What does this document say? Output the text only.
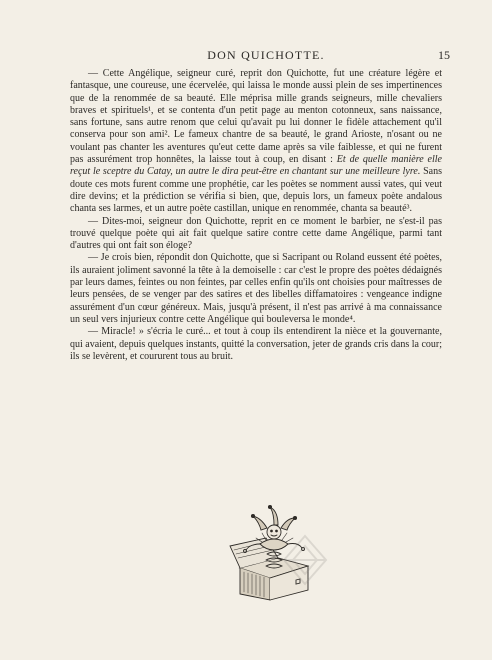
DON QUICHOTTE.	15

— Cette Angélique, seigneur curé, reprit don Quichotte, fut une créature légère et fantasque, une coureuse, une écervelée, qui laissa le monde aussi plein de ses impertinences que de la renommée de sa beauté. Elle méprisa mille grands seigneurs, mille chevaliers braves et spirituels¹, et se contenta d'un petit page au menton cotonneux, sans naissance, sans fortune, sans autre renom que celui qu'avait pu lui donner le fidèle attachement qu'il conserva pour son ami². Le fameux chantre de sa beauté, le grand Arioste, n'osant ou ne voulant pas chanter les aventures qu'eut cette dame après sa vile faiblesse, et qui ne furent pas assurément trop honnêtes, la laisse tout à coup, en disant : Et de quelle manière elle reçut le sceptre du Catay, un autre le dira peut-être en chantant sur une meilleure lyre. Sans doute ces mots furent comme une prophétie, car les poètes se nomment aussi vates, qui veut dire devins; et la prédiction se vérifia si bien, que, depuis lors, un fameux poète andalous chanta ses larmes, et un autre poète castillan, unique en renommée, chanta sa beauté³.

— Dites-moi, seigneur don Quichotte, reprit en ce moment le barbier, ne s'est-il pas trouvé quelque poète qui ait fait quelque satire contre cette dame Angélique, parmi tant d'autres qui ont fait son éloge?

— Je crois bien, répondit don Quichotte, que si Sacripant ou Roland eussent été poètes, ils auraient joliment savonné la tête à la demoiselle : car c'est le propre des poètes dédaignés par leurs dames, feintes ou non feintes, par celles enfin qu'ils ont choisies pour maîtresses de leurs pensées, de se venger par des satires et des libelles diffamatoires : vengeance indigne assurément d'un cœur généreux. Mais, jusqu'à présent, il n'est pas arrivé à ma connaissance un seul vers injurieux contre cette Angélique qui bouleversa le monde⁴.

— Miracle! » s'écria le curé... et tout à coup ils entendirent la nièce et la gouvernante, qui avaient, depuis quelques instants, quitté la conversation, jeter de grands cris dans la cour; ils se levèrent, et coururent tous au bruit.
